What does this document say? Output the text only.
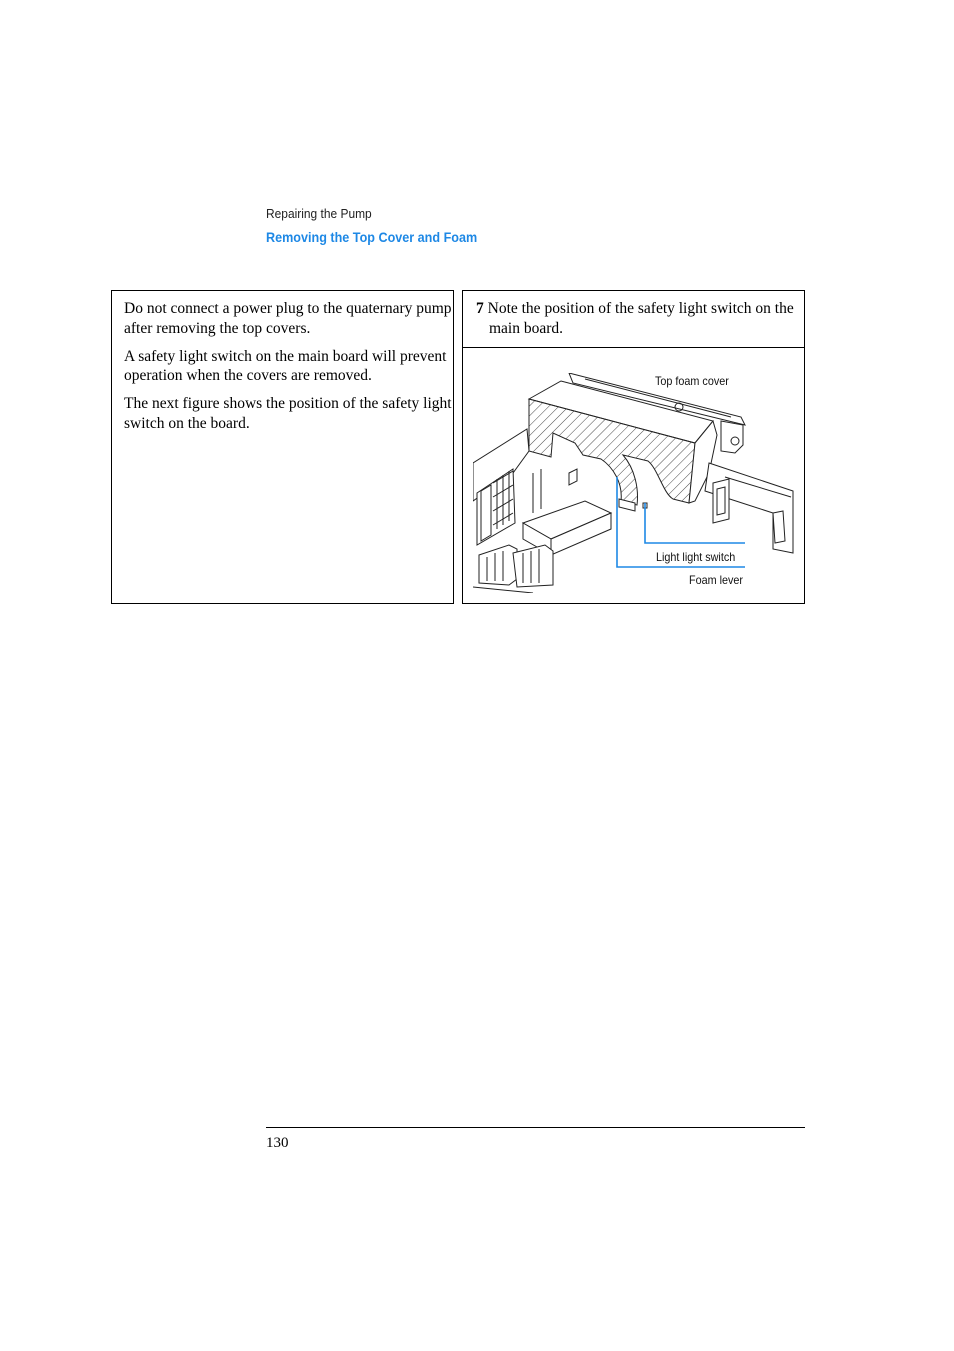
Repairing the Pump
Removing the Top Cover and Foam

Do not connect a power plug to the quaternary pump after removing the top covers.

A safety light switch on the main board will prevent operation when the covers are removed.

The next figure shows the position of the safety light switch on the board.

7 Note the position of the safety light switch on the main board.
Top foam cover
Light light switch
Foam lever
130
